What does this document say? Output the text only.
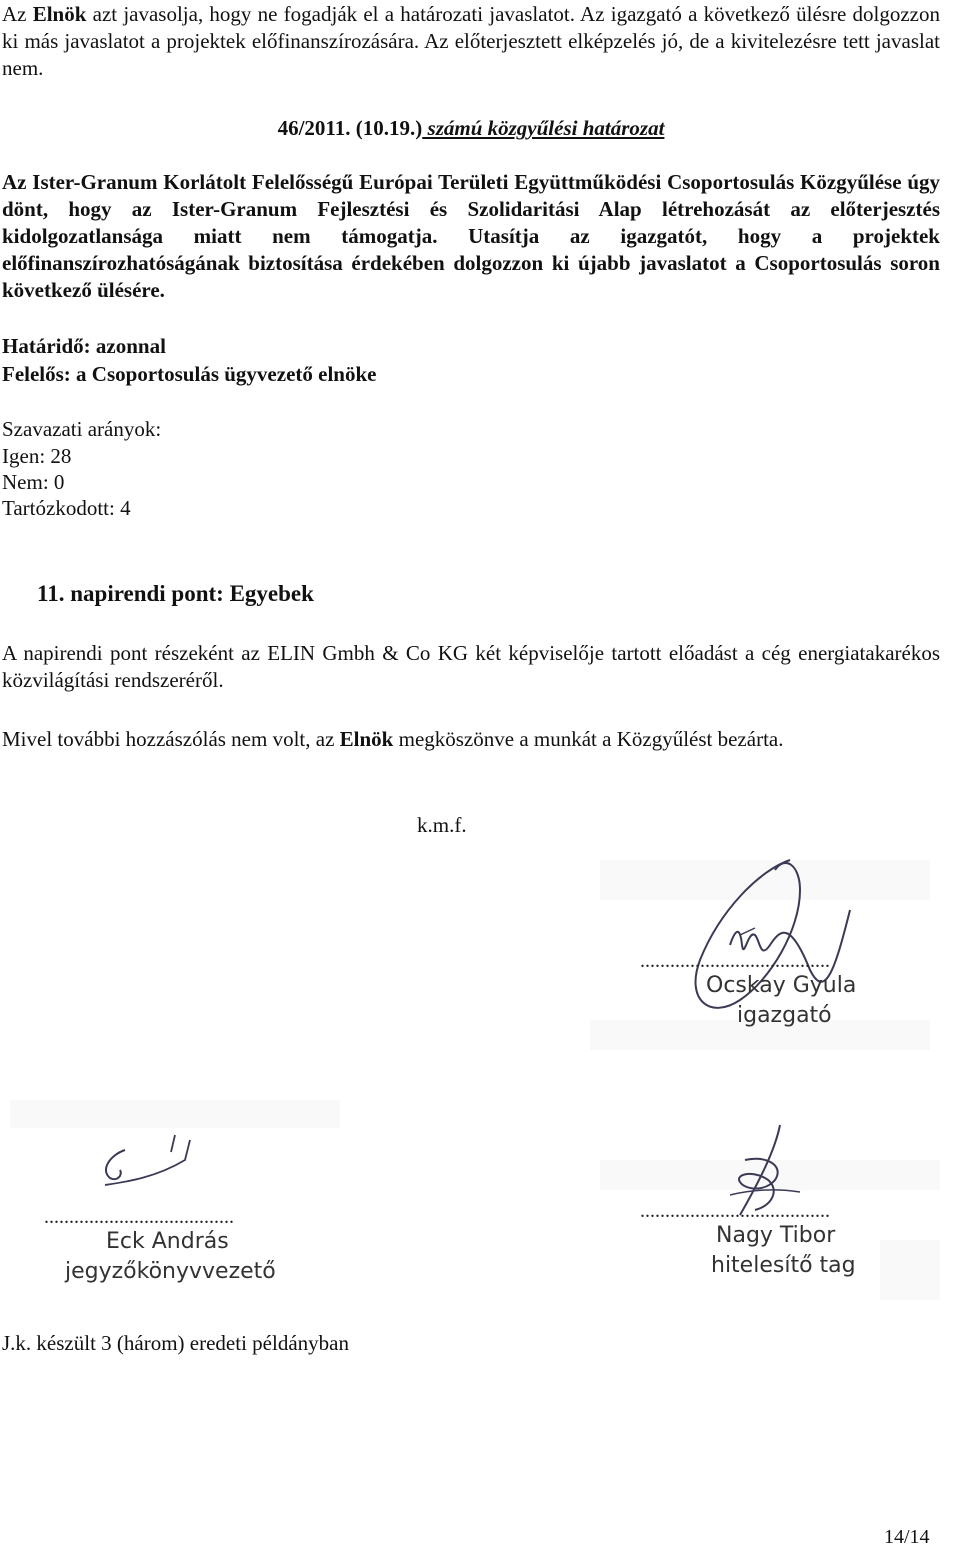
Az Elnök azt javasolja, hogy ne fogadják el a határozati javaslatot. Az igazgató a következő ülésre dolgozzon ki más javaslatot a projektek előfinanszírozására. Az előterjesztett elképzelés jó, de a kivitelezésre tett javaslat nem.

46/2011. (10.19.) számú közgyűlési határozat

Az Ister-Granum Korlátolt Felelősségű Európai Területi Együttműködési Csoportosulás Közgyűlése úgy dönt, hogy az Ister-Granum Fejlesztési és Szolidaritási Alap létrehozását az előterjesztés kidolgozatlansága miatt nem támogatja. Utasítja az igazgatót, hogy a projektek előfinanszírozhatóságának biztosítása érdekében dolgozzon ki újabb javaslatot a Csoportosulás soron következő ülésére.

Határidő: azonnal

Felelős: a Csoportosulás ügyvezető elnöke

Szavazati arányok:

Igen: 28

Nem: 0

Tartózkodott: 4

11. napirendi pont: Egyebek

A napirendi pont részeként az ELIN Gmbh & Co KG két képviselője tartott előadást a cég energiatakarékos közvilágítási rendszeréről.

Mivel további hozzászólás nem volt, az Elnök megköszönve a munkát a Közgyűlést bezárta.

k.m.f.

......................................
Ocskay Gyula
igazgató
......................................
Eck András
jegyzőkönyvvezető
......................................
Nagy Tibor
hitelesítő tag

J.k. készült 3 (három) eredeti példányban

14/14
